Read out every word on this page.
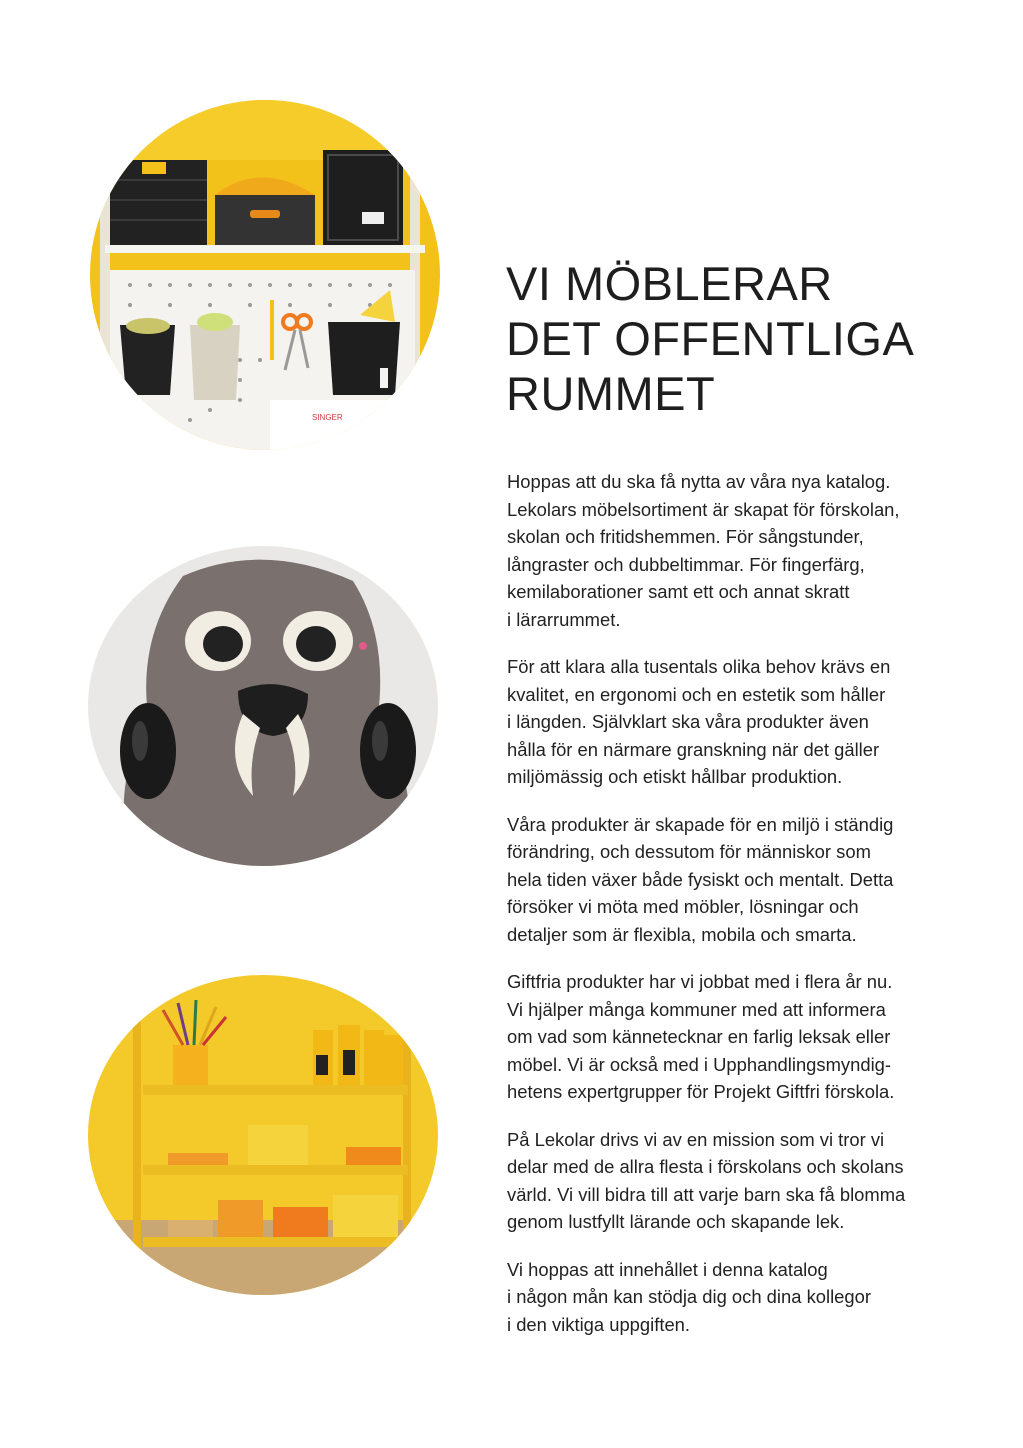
SINGER
VI MÖBLERAR
DET OFFENTLIGA
RUMMET

Hoppas att du ska få nytta av våra nya katalog.
Lekolars möbelsortiment är skapat för förskolan,
skolan och fritidshemmen. För sångstunder,
långraster och dubbeltimmar. För fingerfärg,
kemilaborationer samt ett och annat skratt
i lärarrummet.

För att klara alla tusentals olika behov krävs en
kvalitet, en ergonomi och en estetik som håller
i längden. Självklart ska våra produkter även
hålla för en närmare granskning när det gäller
miljömässig och etiskt hållbar produktion.

Våra produkter är skapade för en miljö i ständig
förändring, och dessutom för människor som
hela tiden växer både fysiskt och mentalt. Detta
försöker vi möta med möbler, lösningar och
detaljer som är flexibla, mobila och smarta.

Giftfria produkter har vi jobbat med i flera år nu.
Vi hjälper många kommuner med att informera
om vad som kännetecknar en farlig leksak eller
möbel. Vi är också med i Upphandlingsmyndig-
hetens expertgrupper för Projekt Giftfri förskola.

På Lekolar drivs vi av en mission som vi tror vi
delar med de allra flesta i förskolans och skolans
värld. Vi vill bidra till att varje barn ska få blomma
genom lustfyllt lärande och skapande lek.

Vi hoppas att innehållet i denna katalog
i någon mån kan stödja dig och dina kollegor
i den viktiga uppgiften.
